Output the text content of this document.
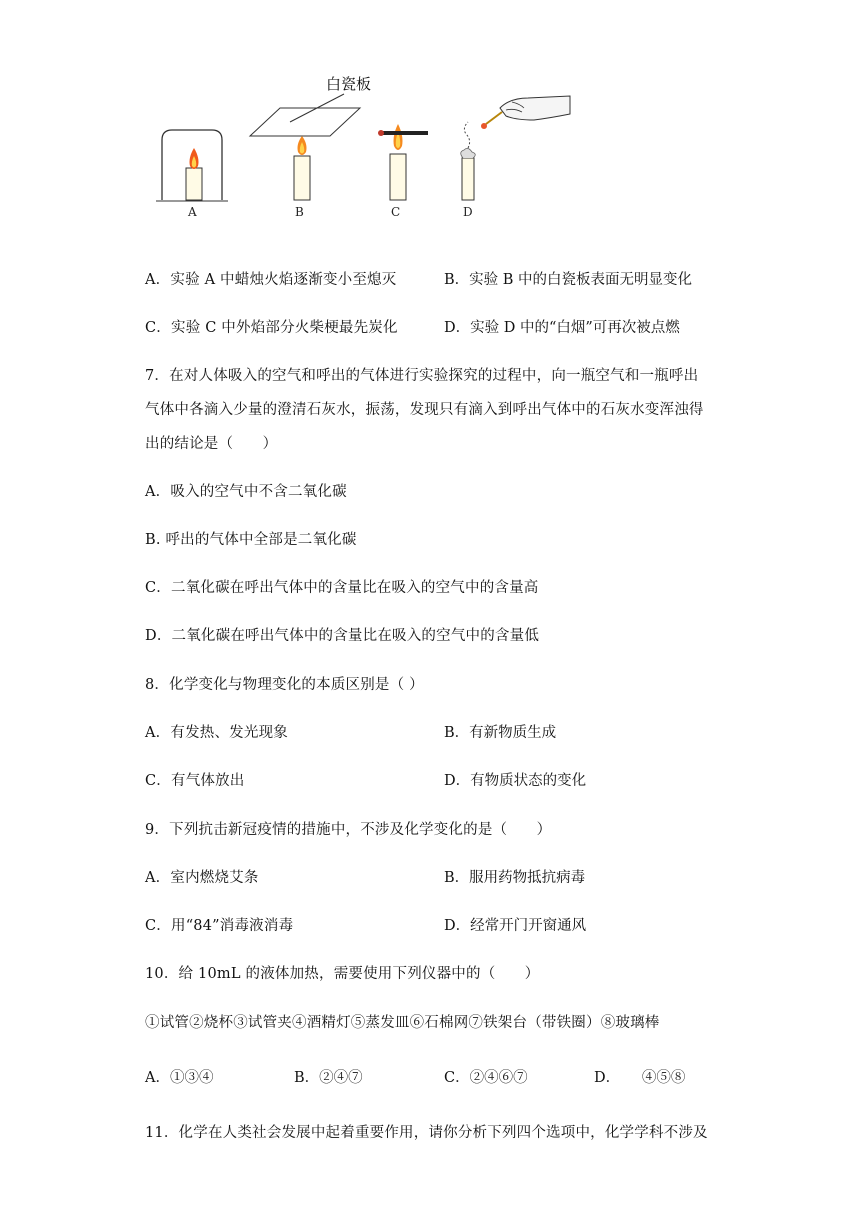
白瓷板
A	B	C	D
A．实验 A 中蜡烛火焰逐渐变小至熄灭	B．实验 B 中的白瓷板表面无明显变化
C．实验 C 中外焰部分火柴梗最先炭化	D．实验 D 中的“白烟”可再次被点燃
7．在对人体吸入的空气和呼出的气体进行实验探究的过程中，向一瓶空气和一瓶呼出
气体中各滴入少量的澄清石灰水，振荡，发现只有滴入到呼出气体中的石灰水变浑浊得
出的结论是（　　）
A．吸入的空气中不含二氧化碳
B. 呼出的气体中全部是二氧化碳
C．二氧化碳在呼出气体中的含量比在吸入的空气中的含量高
D．二氧化碳在呼出气体中的含量比在吸入的空气中的含量低
8．化学变化与物理变化的本质区别是（ ）
A．有发热、发光现象	B．有新物质生成
C．有气体放出	D．有物质状态的变化
9．下列抗击新冠疫情的措施中，不涉及化学变化的是（　　）
A．室内燃烧艾条	B．服用药物抵抗病毒
C．用“84”消毒液消毒	D．经常开门开窗通风
10．给 10mL 的液体加热，需要使用下列仪器中的（　　）
①试管②烧杯③试管夹④酒精灯⑤蒸发皿⑥石棉网⑦铁架台（带铁圈）⑧玻璃棒
A．①③④	B．②④⑦	C．②④⑥⑦	D．　　④⑤⑧
11．化学在人类社会发展中起着重要作用，请你分析下列四个选项中，化学学科不涉及
